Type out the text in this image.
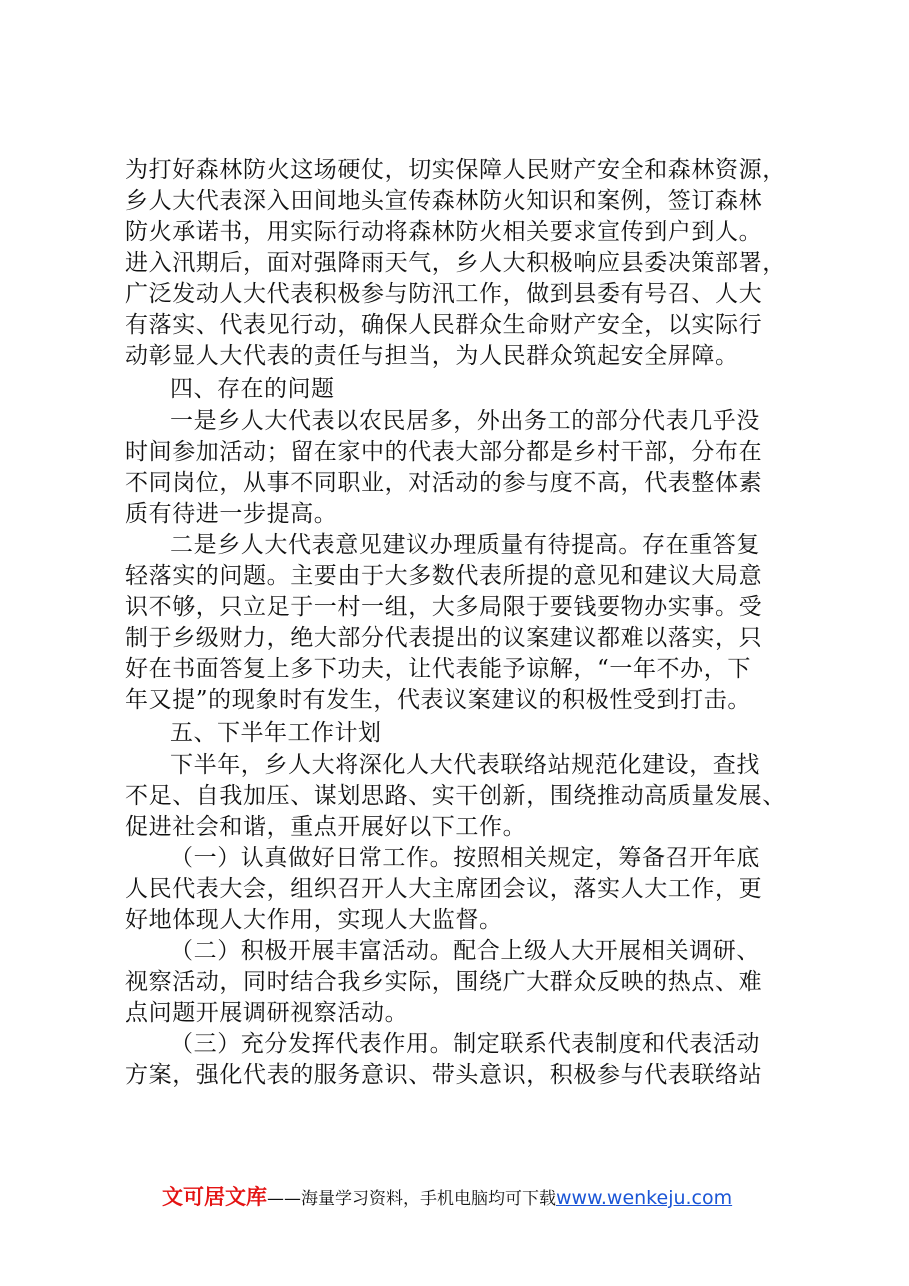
为打好森林防火这场硬仗，切实保障人民财产安全和森林资源，
乡人大代表深入田间地头宣传森林防火知识和案例，签订森林
防火承诺书，用实际行动将森林防火相关要求宣传到户到人。
进入汛期后，面对强降雨天气，乡人大积极响应县委决策部署，
广泛发动人大代表积极参与防汛工作，做到县委有号召、人大
有落实、代表见行动，确保人民群众生命财产安全，以实际行
动彰显人大代表的责任与担当，为人民群众筑起安全屏障。
四、存在的问题
一是乡人大代表以农民居多，外出务工的部分代表几乎没
时间参加活动；留在家中的代表大部分都是乡村干部，分布在
不同岗位，从事不同职业，对活动的参与度不高，代表整体素
质有待进一步提高。
二是乡人大代表意见建议办理质量有待提高。存在重答复
轻落实的问题。主要由于大多数代表所提的意见和建议大局意
识不够，只立足于一村一组，大多局限于要钱要物办实事。受
制于乡级财力，绝大部分代表提出的议案建议都难以落实，只
好在书面答复上多下功夫，让代表能予谅解，“一年不办，下
年又提”的现象时有发生，代表议案建议的积极性受到打击。
五、下半年工作计划
下半年，乡人大将深化人大代表联络站规范化建设，查找
不足、自我加压、谋划思路、实干创新，围绕推动高质量发展、
促进社会和谐，重点开展好以下工作。
（一）认真做好日常工作。按照相关规定，筹备召开年底
人民代表大会，组织召开人大主席团会议，落实人大工作，更
好地体现人大作用，实现人大监督。
（二）积极开展丰富活动。配合上级人大开展相关调研、
视察活动，同时结合我乡实际，围绕广大群众反映的热点、难
点问题开展调研视察活动。
（三）充分发挥代表作用。制定联系代表制度和代表活动
方案，强化代表的服务意识、带头意识，积极参与代表联络站
文可居文库——海量学习资料，手机电脑均可下载www.wenkeju.com
